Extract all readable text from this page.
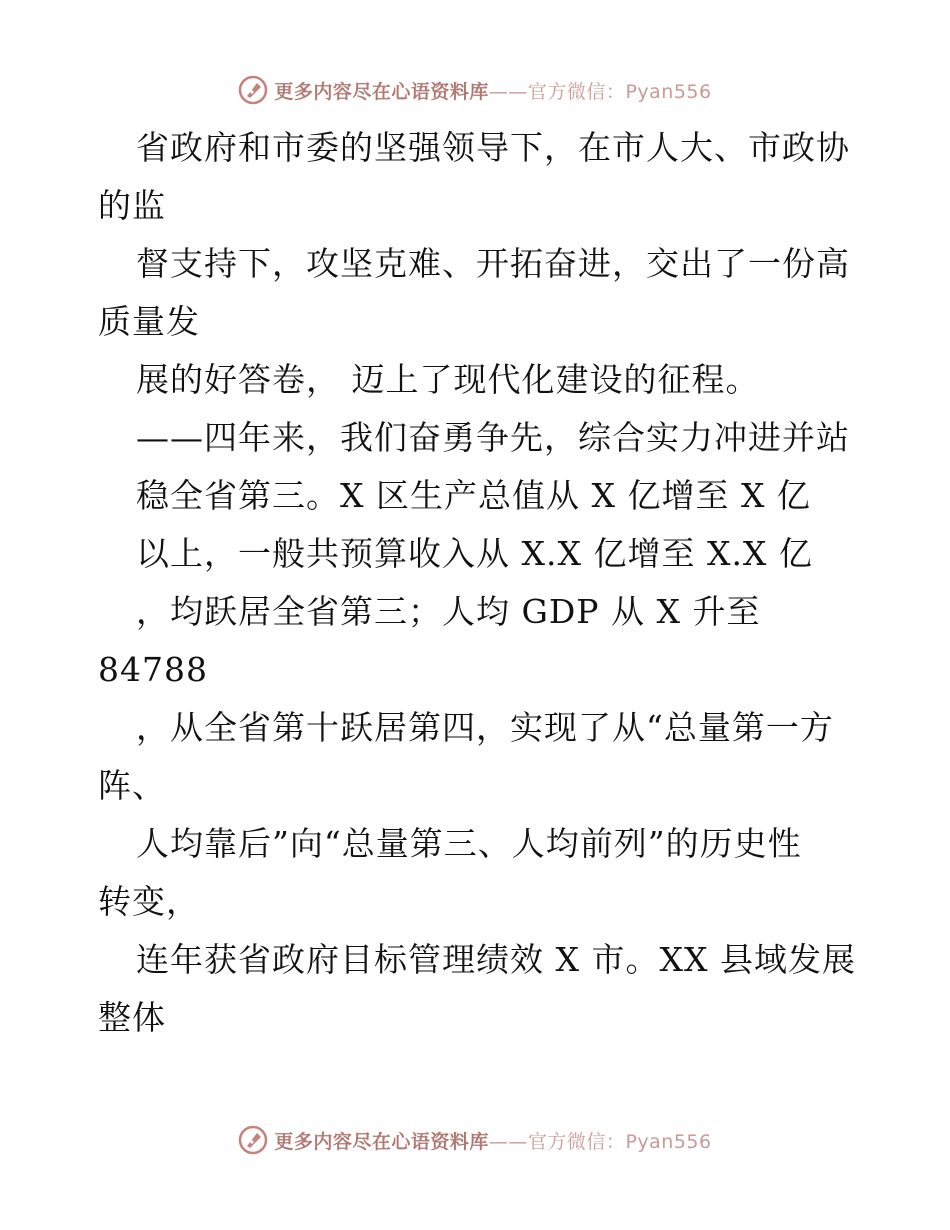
更多内容尽在心语资料库——官方微信：Pyan556
省政府和市委的坚强领导下，在市人大、市政协
的监
督支持下，攻坚克难、开拓奋进，交出了一份高
质量发
展的好答卷， 迈上了现代化建设的征程。
——四年来，我们奋勇争先，综合实力冲进并站
稳全省第三。X 区生产总值从 X 亿增至 X 亿
以上，一般共预算收入从 X.X 亿增至 X.X 亿
，均跃居全省第三；人均 GDP 从 X 升至
84788
，从全省第十跃居第四，实现了从“总量第一方
阵、
人均靠后”向“总量第三、人均前列”的历史性
转变，
连年获省政府目标管理绩效 X 市。XX 县域发展
整体
更多内容尽在心语资料库——官方微信：Pyan556
